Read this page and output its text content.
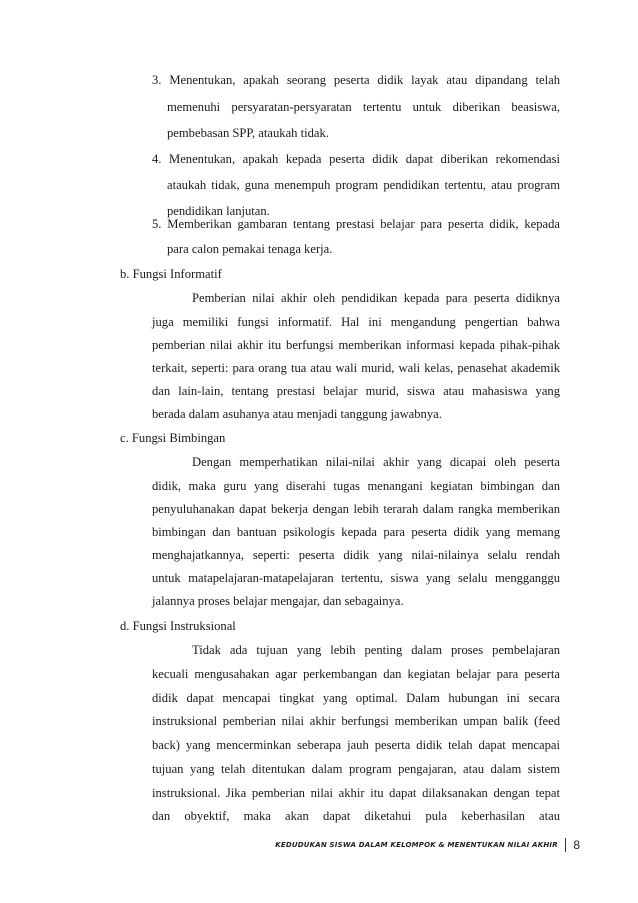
3. Menentukan, apakah seorang peserta didik layak atau dipandang telah
memenuhi persyaratan-persyaratan tertentu untuk diberikan beasiswa,
pembebasan SPP, ataukah tidak.
4. Menentukan, apakah kepada peserta didik dapat diberikan rekomendasi
ataukah tidak, guna menempuh program pendidikan tertentu, atau program
pendidikan lanjutan.
5. Memberikan gambaran tentang prestasi belajar para peserta didik, kepada
para calon pemakai tenaga kerja.
b. Fungsi Informatif
Pemberian nilai akhir oleh pendidikan kepada para peserta didiknya
juga memiliki fungsi informatif. Hal ini mengandung pengertian bahwa
pemberian nilai akhir itu berfungsi memberikan informasi kepada pihak-pihak
terkait, seperti: para orang tua atau wali murid, wali kelas, penasehat akademik
dan lain-lain, tentang prestasi belajar murid, siswa atau mahasiswa yang
berada dalam asuhanya atau menjadi tanggung jawabnya.
c. Fungsi Bimbingan
Dengan memperhatikan nilai-nilai akhir yang dicapai oleh peserta
didik, maka guru yang diserahi tugas menangani kegiatan bimbingan dan
penyuluhanakan dapat bekerja dengan lebih terarah dalam rangka memberikan
bimbingan dan bantuan psikologis kepada para peserta didik yang memang
menghajatkannya, seperti: peserta didik yang nilai-nilainya selalu rendah
untuk matapelajaran-matapelajaran tertentu, siswa yang selalu mengganggu
jalannya proses belajar mengajar, dan sebagainya.
d. Fungsi Instruksional
Tidak ada tujuan yang lebih penting dalam proses pembelajaran
kecuali mengusahakan agar perkembangan dan kegiatan belajar para peserta
didik dapat mencapai tingkat yang optimal. Dalam hubungan ini secara
instruksional pemberian nilai akhir berfungsi memberikan umpan balik (feed
back) yang mencerminkan seberapa jauh peserta didik telah dapat mencapai
tujuan yang telah ditentukan dalam program pengajaran, atau dalam sistem
instruksional. Jika pemberian nilai akhir itu dapat dilaksanakan dengan tepat
dan obyektif, maka akan dapat diketahui pula keberhasilan atau
KEDUDUKAN SISWA DALAM KELOMPOK & MENENTUKAN NILAI AKHIR 8
